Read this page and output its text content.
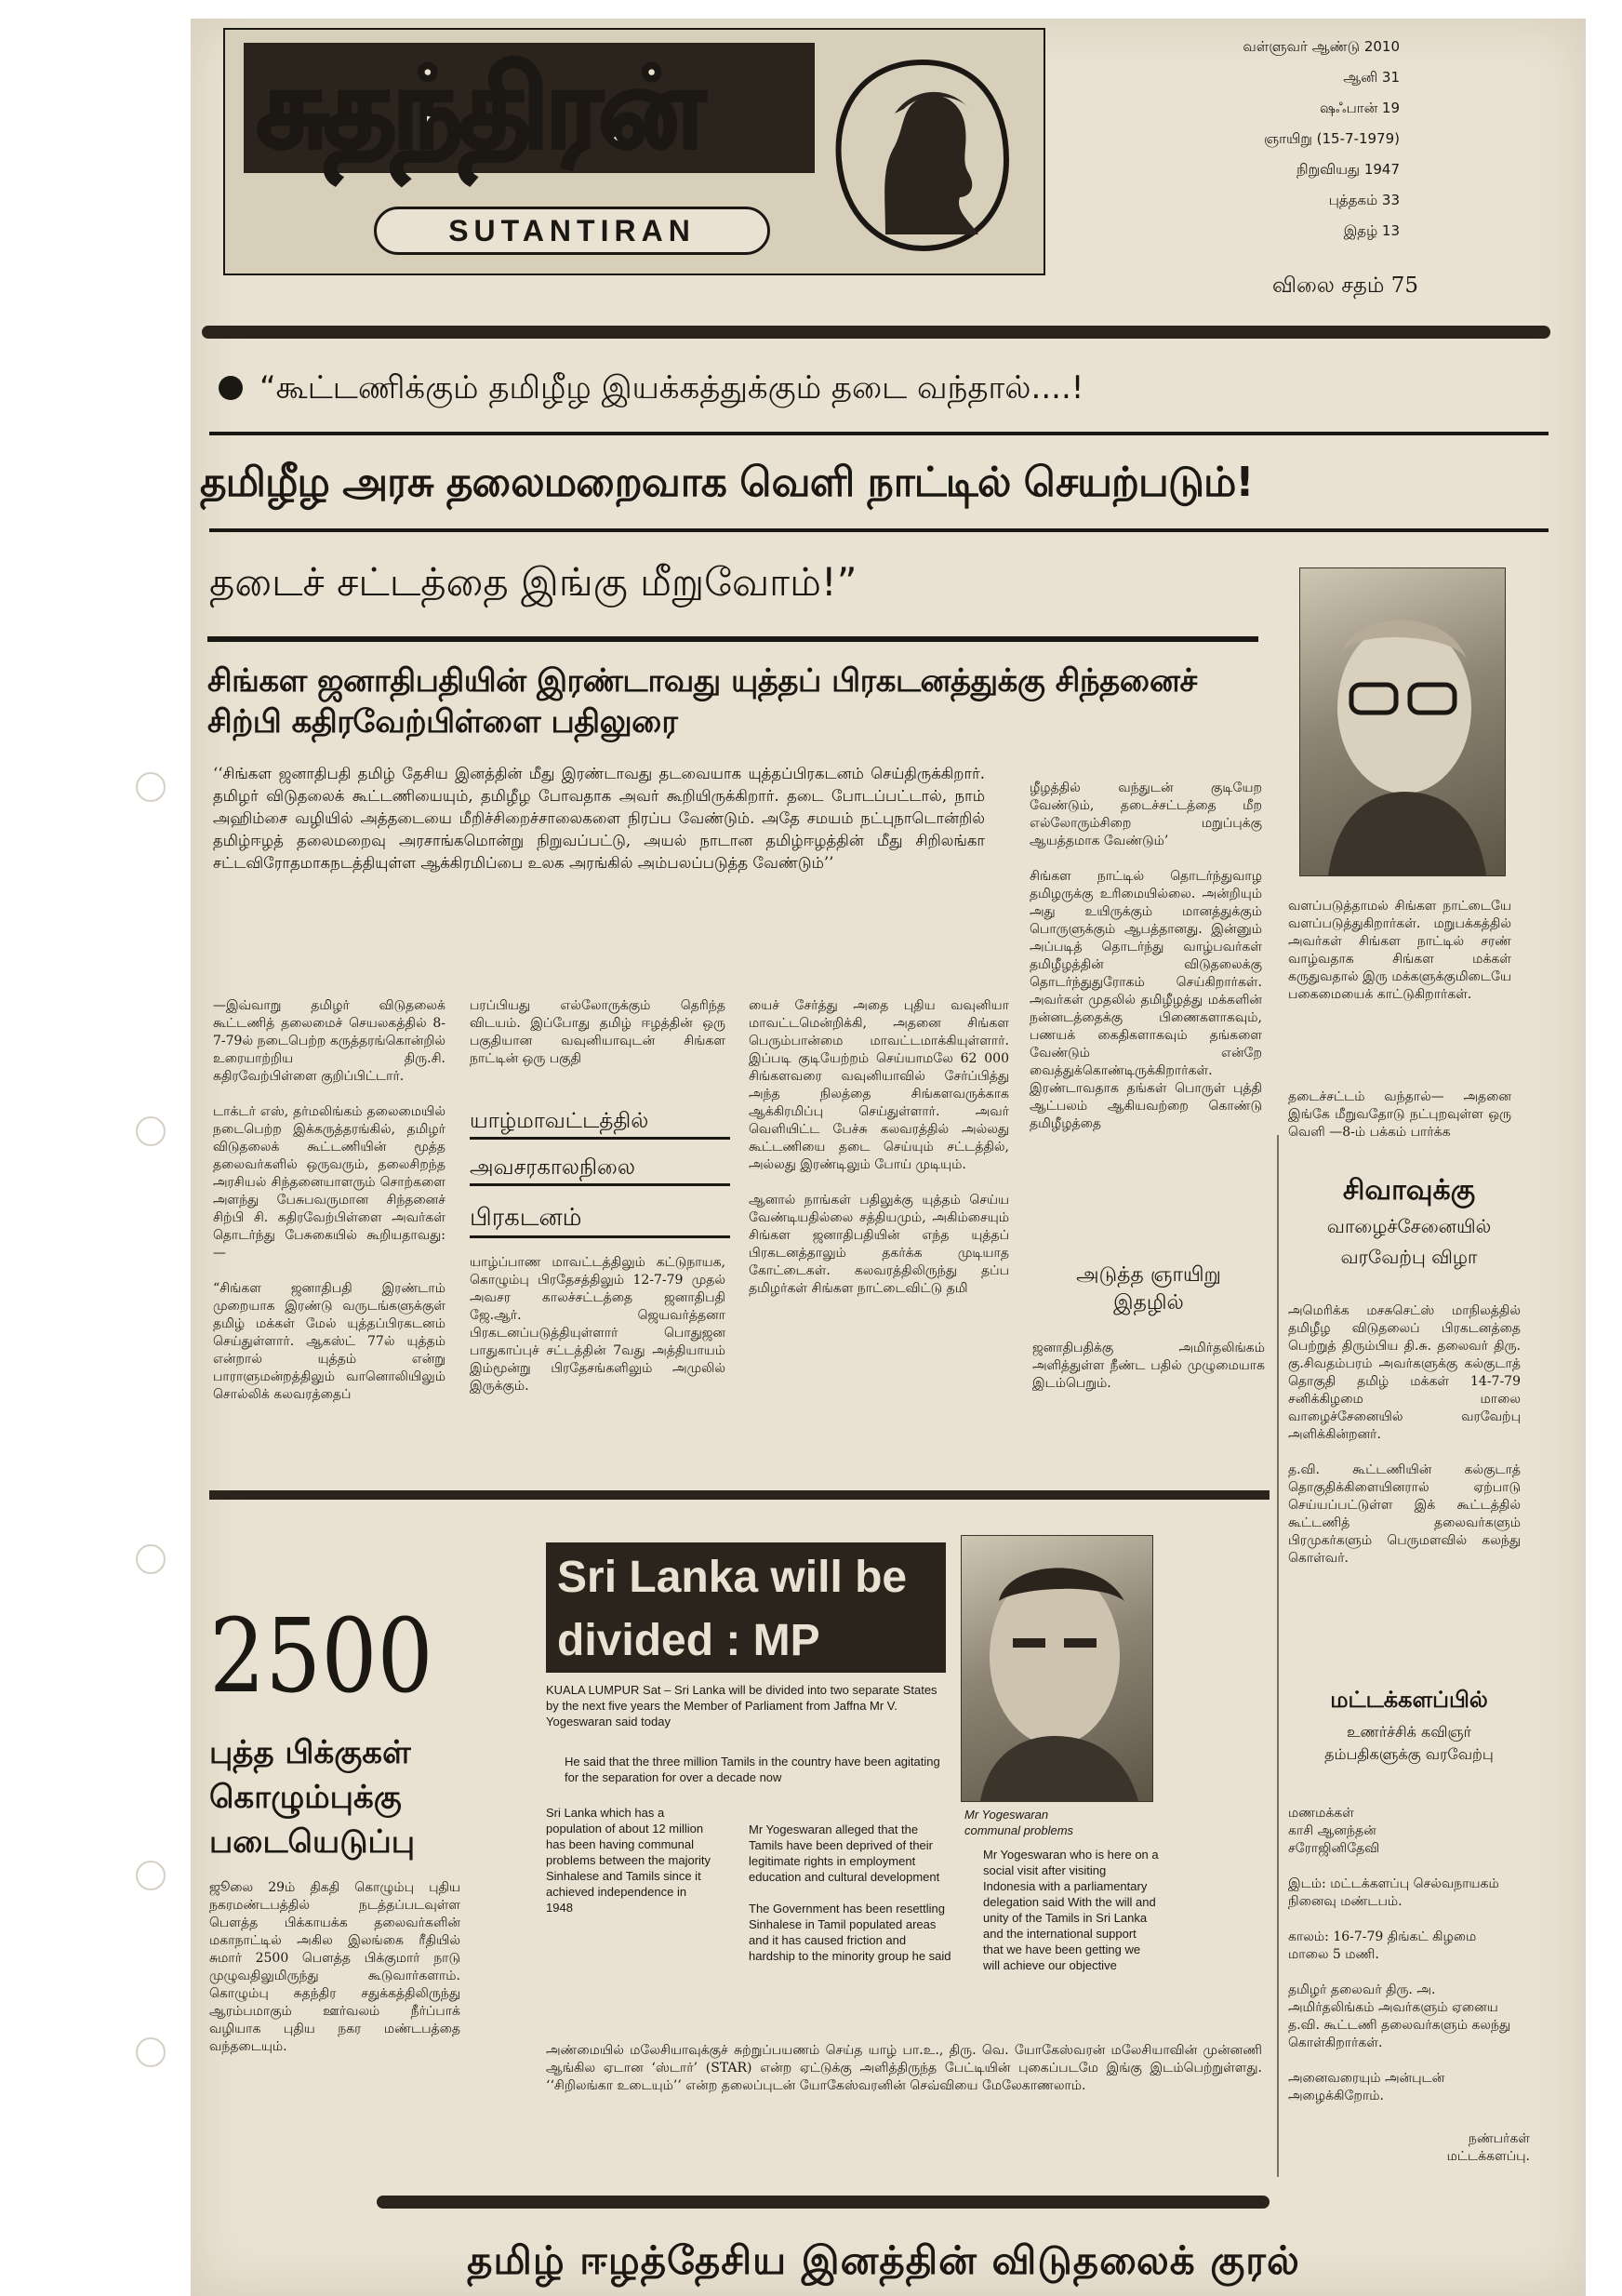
சுதந்திரன்
SUTANTIRAN
வள்ளுவர் ஆண்டு 2010
ஆனி 31
ஷஃபான் 19
ஞாயிறு (15-7-1979)
நிறுவியது 1947
புத்தகம் 33
இதழ் 13
விலை சதம் 75
“கூட்டணிக்கும் தமிழீழ இயக்கத்துக்கும் தடை வந்தால்....!
தமிழீழ அரசு தலைமறைவாக வெளி நாட்டில் செயற்படும்!
தடைச் சட்டத்தை இங்கு மீறுவோம்!”
சிங்கள ஜனாதிபதியின் இரண்டாவது யுத்தப் பிரகடனத்துக்கு சிந்தனைச் சிற்பி கதிரவேற்பிள்ளை பதிலுரை
‘‘சிங்கள ஜனாதிபதி தமிழ் தேசிய இனத்தின் மீது இரண்டாவது தடவையாக யுத்தப்பிரகடனம் செய்திருக்கிறார். தமிழர் விடுதலைக் கூட்டணியையும், தமிழீழ போவதாக அவர் கூறியிருக்கிறார். தடை போடப்பட்டால், நாம் அஹிம்சை வழியில் அத்தடையை மீறிச்சிறைச்சாலைகளை நிரப்ப வேண்டும். அதே சமயம் நட்புநாடொன்றில் தமிழ்ஈழத் தலைமறைவு அரசாங்கமொன்று நிறுவப்பட்டு, அயல் நாடான தமிழ்ஈழத்தின் மீது சிறிலங்கா சட்டவிரோதமாகநடத்தியுள்ள ஆக்கிரமிப்பை உலக அரங்கில் அம்பலப்படுத்த வேண்டும்’’
—இவ்வாறு தமிழர் விடுதலைக் கூட்டணித் தலைமைச் செயலகத்தில் 8-7-79ல் நடைபெற்ற கருத்தரங்கொன்றில் உரையாற்றிய திரு.சி. கதிரவேற்பிள்ளை குறிப்பிட்டார்.

டாக்டர் எஸ், தர்மலிங்கம் தலைமையில் நடைபெற்ற இக்கருத்தரங்கில், தமிழர் விடுதலைக் கூட்டணியின் மூத்த தலைவர்களில் ஒருவரும், தலைசிறந்த அரசியல் சிந்தனையாளரும் சொற்களை அளந்து பேசுபவருமான சிந்தனைச் சிற்பி சி. கதிரவேற்பிள்ளை அவர்கள் தொடர்ந்து பேசுகையில் கூறியதாவது:—

“சிங்கள ஜனாதிபதி இரண்டாம் முறையாக இரண்டு வருடங்களுக்குள் தமிழ் மக்கள் மேல் யுத்தப்பிரகடனம் செய்துள்ளார். ஆகஸ்ட் 77ல் யுத்தம் என்றால் யுத்தம் என்று பாராளுமன்றத்திலும் வானொலியிலும் சொல்லிக் கலவரத்தைப்
பரப்பியது எல்லோருக்கும் தெரிந்த விடயம். இப்போது தமிழ் ஈழத்தின் ஒரு பகுதியான வவுனியாவுடன் சிங்கள நாட்டின் ஒரு பகுதி
யாழ்மாவட்டத்தில்
அவசரகாலநிலை
பிரகடனம்
யாழ்ப்பாண மாவட்டத்திலும் கட்டுநாயக, கொழும்பு பிரதேசத்திலும் 12-7-79 முதல் அவசர காலச்சட்டத்தை ஜனாதிபதி ஜே.ஆர். ஜெயவர்த்தனா பிரகடனப்படுத்தியுள்ளார் பொதுஜன பாதுகாப்புச் சட்டத்தின் 7வது அத்தியாயம் இம்மூன்று பிரதேசங்களிலும் அமுலில் இருக்கும்.
யைச் சேர்த்து அதை புதிய வவுனியா மாவட்டமென்றிக்கி, அதனை சிங்கள பெரும்பான்மை மாவட்டமாக்கியுள்ளார். இப்படி குடியேற்றம் செய்யாமலே 62 000 சிங்களவரை வவுனியாவில் சேர்ப்பித்து அந்த நிலத்தை சிங்களவருக்காக ஆக்கிரமிப்பு செய்துள்ளார். அவர் வெளியிட்ட பேச்சு கலவரத்தில் அல்லது கூட்டணியை தடை செய்யும் சட்டத்தில், அல்லது இரண்டிலும் போய் முடியும்.

ஆனால் நாங்கள் பதிலுக்கு யுத்தம் செய்ய வேண்டியதில்லை சத்தியமும், அகிம்சையும் சிங்கள ஜனாதிபதியின் எந்த யுத்தப் பிரகடனத்தாலும் தகர்க்க முடியாத கோட்டைகள். கலவரத்திலிருந்து தப்ப தமிழர்கள் சிங்கள நாட்டைவிட்டு தமி
ழீழத்தில் வந்துடன் குடியேற வேண்டும், தடைச்சட்டத்தை மீற எல்லோரும்சிறை மறுப்புக்கு ஆயத்தமாக வேண்டும்’

சிங்கள நாட்டில் தொடர்ந்துவாழ தமிழருக்கு உரிமையில்லை. அன்றியும் அது உயிருக்கும் மானத்துக்கும் பொருளுக்கும் ஆபத்தானது. இன்னும் அப்படித் தொடர்ந்து வாழ்பவர்கள் தமிழீழத்தின் விடுதலைக்கு தொடர்ந்துதுரோகம் செய்கிறார்கள். அவர்கள் முதலில் தமிழீழத்து மக்களின் நன்னடத்தைக்கு பிணைகளாகவும், பணயக் கைதிகளாகவும் தங்களை வேண்டும் என்றே வைத்துக்கொண்டிருக்கிறார்கள். இரண்டாவதாக தங்கள் பொருள் புத்தி ஆட்பலம் ஆகியவற்றை கொண்டு தமிழீழத்தை
வளப்படுத்தாமல் சிங்கள நாட்டையே வளப்படுத்துகிறார்கள். மறுபக்கத்தில் அவர்கள் சிங்கள நாட்டில் சரண் வாழ்வதாக சிங்கள மக்கள் கருதுவதால் இரு மக்களுக்குமிடையே பகைமையைக் காட்டுகிறார்கள்.
தடைச்சட்டம் வந்தால்— அதனை இங்கே மீறுவதோடு நட்புறவுள்ள ஒரு வெளி —8-ம் பக்கம் பார்க்க
அடுத்த ஞாயிறு
இதழில்
ஜனாதிபதிக்கு அமிர்தலிங்கம் அளித்துள்ள நீண்ட பதில் முழுமையாக இடம்பெறும்.
சிவாவுக்கு
வாழைச்சேனையில்
வரவேற்பு விழா
அமெரிக்க மசசுசெட்ஸ் மாநிலத்தில் தமிழீழ விடுதலைப் பிரகடனத்தை பெற்றுத் திரும்பிய தி.சு. தலைவர் திரு. கு.சிவதம்பரம் அவர்களுக்கு கல்குடாத் தொகுதி தமிழ் மக்கள் 14-7-79 சனிக்கிழமை மாலை வாழைச்சேனையில் வரவேற்பு அளிக்கின்றனர்.

த.வி. கூட்டணியின் கல்குடாத் தொகுதிக்கிளையினரால் ஏற்பாடு செய்யப்பட்டுள்ள இக் கூட்டத்தில் கூட்டணித் தலைவர்களும் பிரமுகர்களும் பெருமளவில் கலந்து கொள்வர்.
மட்டக்களப்பில்
உணர்ச்சிக் கவிஞர் தம்பதிகளுக்கு வரவேற்பு
மணமக்கள்
காசி ஆனந்தன்
சரோஜினிதேவி

இடம்: மட்டக்களப்பு செல்வநாயகம் நினைவு மண்டபம்.

காலம்: 16-7-79 திங்கட் கிழமை மாலை 5 மணி.

தமிழர் தலைவர் திரு. அ. அமிர்தலிங்கம் அவர்களும் ஏனைய த.வி. கூட்டணி தலைவர்களும் கலந்து கொள்கிறார்கள்.

அனைவரையும் அன்புடன் அழைக்கிறோம்.
நண்பர்கள்
மட்டக்களப்பு.
2500
புத்த பிக்குகள் கொழும்புக்கு படையெடுப்பு
ஜூலை 29ம் திகதி கொழும்பு புதிய நகரமண்டபத்தில் நடத்தப்படவுள்ள பௌத்த பிக்காயக்க தலைவர்களின் மகாநாட்டில் அகில இலங்கை ரீதியில் சுமார் 2500 பௌத்த பிக்குமார் நாடு முழுவதிலுமிருந்து கூடுவார்களாம். கொழும்பு சுதந்திர சதுக்கத்திலிருந்து ஆரம்பமாகும் ஊர்வலம் நீர்ப்பாக் வழியாக புதிய நகர மண்டபத்தை வந்தடையும்.
Sri Lanka will be divided : MP
Mr Yogeswaran
communal problems
KUALA LUMPUR Sat – Sri Lanka will be divided into two separate States by the next five years the Member of Parliament from Jaffna Mr V. Yogeswaran said today
He said that the three million Tamils in the country have been agitating for the separation for over a decade now
Sri Lanka which has a population of about 12 million has been having communal problems between the majority Sinhalese and Tamils since it achieved independence in 1948
Mr Yogeswaran alleged that the Tamils have been deprived of their legitimate rights in employment education and cultural development

The Government has been resettling Sinhalese in Tamil populated areas and it has caused friction and hardship to the minority group he said
Mr Yogeswaran who is here on a social visit after visiting Indonesia with a parliamentary delegation said With the will and unity of the Tamils in Sri Lanka and the international support that we have been getting we will achieve our objective
அண்மையில் மலேசியாவுக்குச் சுற்றுப்பயணம் செய்த யாழ் பா.உ., திரு. வெ. யோகேஸ்வரன் மலேசியாவின் முன்னணி ஆங்கில ஏடான ‘ஸ்டார்’ (STAR) என்ற ஏட்டுக்கு அளித்திருந்த பேட்டியின் புகைப்படமே இங்கு இடம்பெற்றுள்ளது. ‘‘சிறிலங்கா உடையும்’’ என்ற தலைப்புடன் யோகேஸ்வரனின் செவ்வியை மேலேகாணலாம்.
தமிழ் ஈழத்தேசிய இனத்தின் விடுதலைக் குரல்
